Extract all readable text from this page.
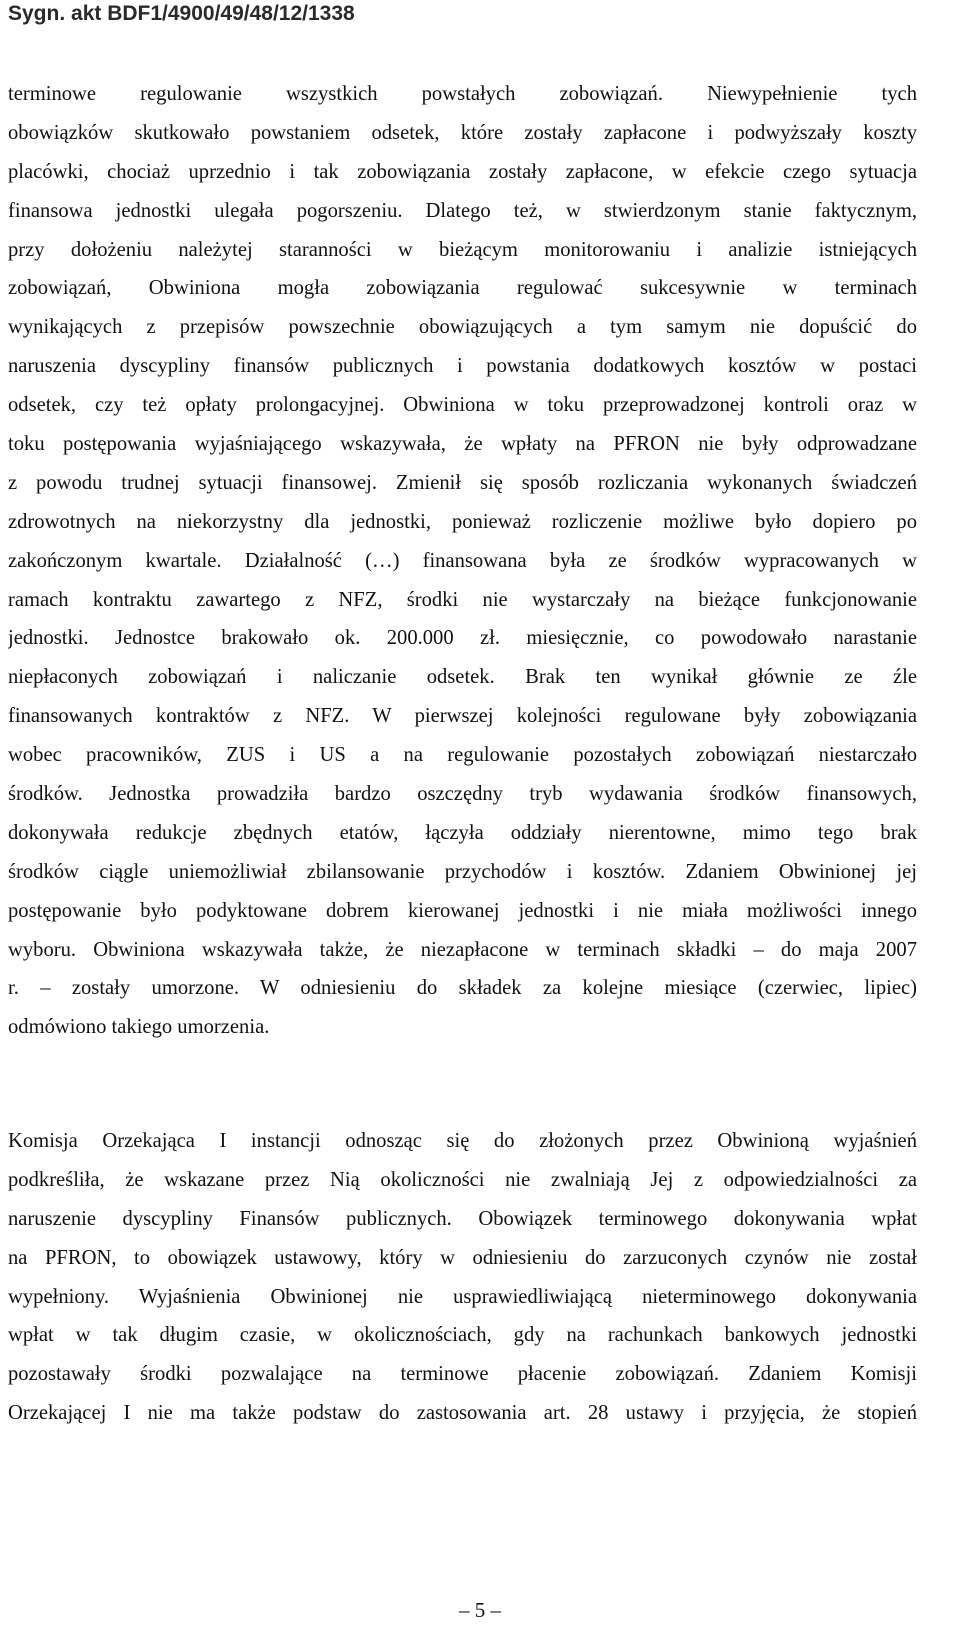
Sygn. akt BDF1/4900/49/48/12/1338
terminowe regulowanie wszystkich powstałych zobowiązań. Niewypełnienie tych
obowiązków skutkowało powstaniem odsetek, które zostały zapłacone i podwyższały koszty
placówki, chociaż uprzednio i tak zobowiązania zostały zapłacone, w efekcie czego sytuacja
finansowa jednostki ulegała pogorszeniu. Dlatego też, w stwierdzonym stanie faktycznym,
przy dołożeniu należytej staranności w bieżącym monitorowaniu i analizie istniejących
zobowiązań, Obwiniona mogła zobowiązania regulować sukcesywnie w terminach
wynikających z przepisów powszechnie obowiązujących a tym samym nie dopuścić do
naruszenia dyscypliny finansów publicznych i powstania dodatkowych kosztów w postaci
odsetek, czy też opłaty prolongacyjnej. Obwiniona w toku przeprowadzonej kontroli oraz w
toku postępowania wyjaśniającego wskazywała, że wpłaty na PFRON nie były odprowadzane
z powodu trudnej sytuacji finansowej. Zmienił się sposób rozliczania wykonanych świadczeń
zdrowotnych na niekorzystny dla jednostki, ponieważ rozliczenie możliwe było dopiero po
zakończonym kwartale. Działalność (…) finansowana była ze środków wypracowanych w
ramach kontraktu zawartego z NFZ, środki nie wystarczały na bieżące funkcjonowanie
jednostki. Jednostce brakowało ok. 200.000 zł. miesięcznie, co powodowało narastanie
niepłaconych zobowiązań i naliczanie odsetek. Brak ten wynikał głównie ze źle
finansowanych kontraktów z NFZ. W pierwszej kolejności regulowane były zobowiązania
wobec pracowników, ZUS i US a na regulowanie pozostałych zobowiązań niestarczało
środków. Jednostka prowadziła bardzo oszczędny tryb wydawania środków finansowych,
dokonywała redukcje zbędnych etatów, łączyła oddziały nierentowne, mimo tego brak
środków ciągle uniemożliwiał zbilansowanie przychodów i kosztów. Zdaniem Obwinionej jej
postępowanie było podyktowane dobrem kierowanej jednostki i nie miała możliwości innego
wyboru. Obwiniona wskazywała także, że niezapłacone w terminach składki – do maja 2007
r. – zostały umorzone. W odniesieniu do składek za kolejne miesiące (czerwiec, lipiec)
odmówiono takiego umorzenia.
Komisja Orzekająca I instancji odnosząc się do złożonych przez Obwinioną wyjaśnień
podkreśliła, że wskazane przez Nią okoliczności nie zwalniają Jej z odpowiedzialności za
naruszenie dyscypliny Finansów publicznych. Obowiązek terminowego dokonywania wpłat
na PFRON, to obowiązek ustawowy, który w odniesieniu do zarzuconych czynów nie został
wypełniony. Wyjaśnienia Obwinionej nie usprawiedliwiającą nieterminowego dokonywania
wpłat w tak długim czasie, w okolicznościach, gdy na rachunkach bankowych jednostki
pozostawały środki pozwalające na terminowe płacenie zobowiązań. Zdaniem Komisji
Orzekającej I nie ma także podstaw do zastosowania art. 28 ustawy i przyjęcia, że stopień
– 5 –
